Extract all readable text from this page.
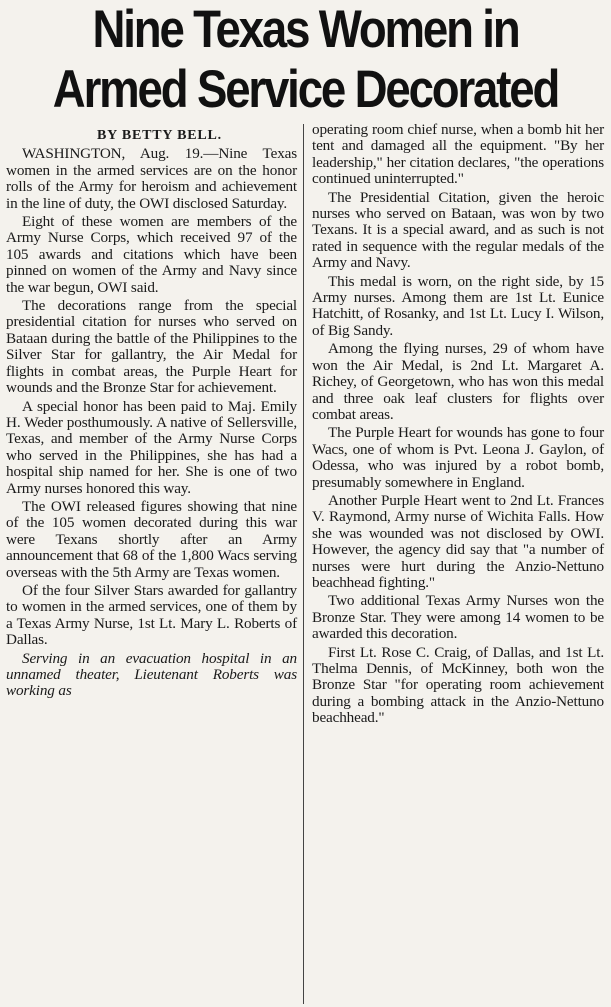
Nine Texas Women in
Armed Service Decorated

BY BETTY BELL.

WASHINGTON, Aug. 19.—Nine Texas women in the armed services are on the honor rolls of the Army for heroism and achievement in the line of duty, the OWI disclosed Saturday.

Eight of these women are members of the Army Nurse Corps, which received 97 of the 105 awards and citations which have been pinned on women of the Army and Navy since the war begun, OWI said.

The decorations range from the special presidential citation for nurses who served on Bataan during the battle of the Philippines to the Silver Star for gallantry, the Air Medal for flights in combat areas, the Purple Heart for wounds and the Bronze Star for achievement.

A special honor has been paid to Maj. Emily H. Weder posthumously. A native of Sellersville, Texas, and member of the Army Nurse Corps who served in the Philippines, she has had a hospital ship named for her. She is one of two Army nurses honored this way.

The OWI released figures showing that nine of the 105 women decorated during this war were Texans shortly after an Army announcement that 68 of the 1,800 Wacs serving overseas with the 5th Army are Texas women.

Of the four Silver Stars awarded for gallantry to women in the armed services, one of them by a Texas Army Nurse, 1st Lt. Mary L. Roberts of Dallas.

Serving in an evacuation hospital in an unnamed theater, Lieutenant Roberts was working as

operating room chief nurse, when a bomb hit her tent and damaged all the equipment. "By her leadership," her citation declares, "the operations continued uninterrupted."

The Presidential Citation, given the heroic nurses who served on Bataan, was won by two Texans. It is a special award, and as such is not rated in sequence with the regular medals of the Army and Navy.

This medal is worn, on the right side, by 15 Army nurses. Among them are 1st Lt. Eunice Hatchitt, of Rosanky, and 1st Lt. Lucy I. Wilson, of Big Sandy.

Among the flying nurses, 29 of whom have won the Air Medal, is 2nd Lt. Margaret A. Richey, of Georgetown, who has won this medal and three oak leaf clusters for flights over combat areas.

The Purple Heart for wounds has gone to four Wacs, one of whom is Pvt. Leona J. Gaylon, of Odessa, who was injured by a robot bomb, presumably somewhere in England.

Another Purple Heart went to 2nd Lt. Frances V. Raymond, Army nurse of Wichita Falls. How she was wounded was not disclosed by OWI. However, the agency did say that "a number of nurses were hurt during the Anzio-Nettuno beachhead fighting."

Two additional Texas Army Nurses won the Bronze Star. They were among 14 women to be awarded this decoration.

First Lt. Rose C. Craig, of Dallas, and 1st Lt. Thelma Dennis, of McKinney, both won the Bronze Star "for operating room achievement during a bombing attack in the Anzio-Nettuno beachhead."
